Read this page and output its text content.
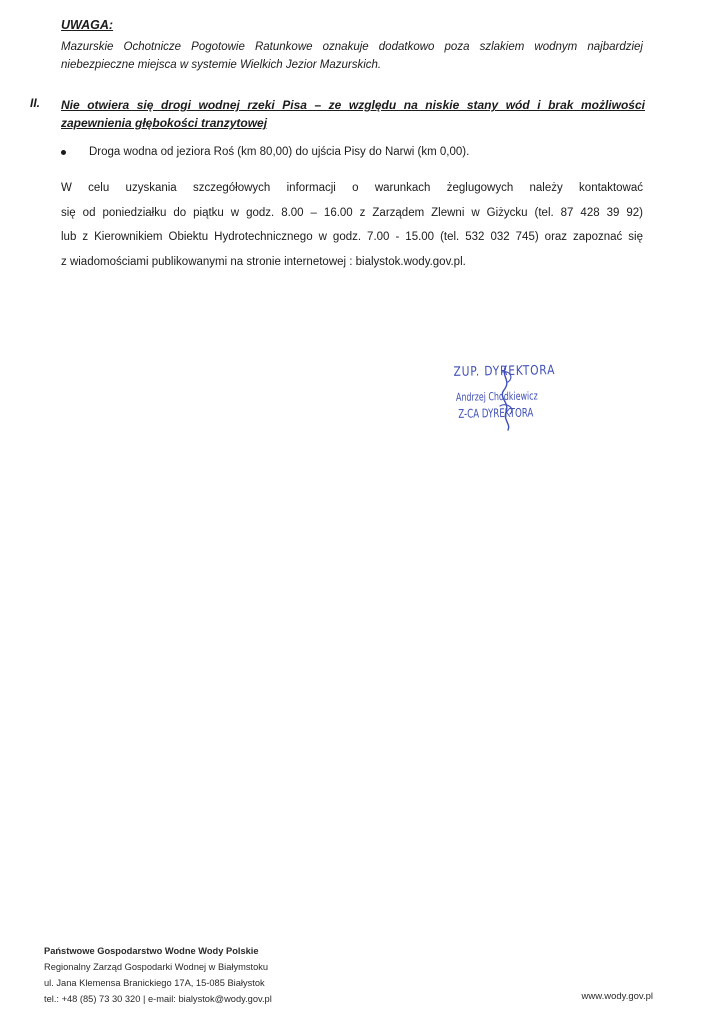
UWAGA:
Mazurskie Ochotnicze Pogotowie Ratunkowe oznakuje dodatkowo poza szlakiem wodnym najbardziej niebezpieczne miejsca w systemie Wielkich Jezior Mazurskich.
II. Nie otwiera się drogi wodnej rzeki Pisa – ze względu na niskie stany wód i brak możliwości zapewnienia głębokości tranzytowej
Droga wodna od jeziora Roś (km 80,00) do ujścia Pisy do Narwi (km 0,00).
W celu uzyskania szczegółowych informacji o warunkach żeglugowych należy kontaktować
się od poniedziałku do piątku w godz. 8.00 – 16.00 z Zarządem Zlewni w Giżycku (tel. 87 428 39 92)
lub z Kierownikiem Obiektu Hydrotechnicznego w godz. 7.00 - 15.00 (tel. 532 032 745) oraz zapoznać się
z wiadomościami publikowanymi na stronie internetowej : bialystok.wody.gov.pl.
ZUP. DYREKTORA
Andrzej Chodkiewicz
Z-CA DYREKTORA
Państwowe Gospodarstwo Wodne Wody Polskie
Regionalny Zarząd Gospodarki Wodnej w Białymstoku
ul. Jana Klemensa Branickiego 17A, 15-085 Białystok
tel.: +48 (85) 73 30 320 | e-mail: bialystok@wody.gov.pl	www.wody.gov.pl
